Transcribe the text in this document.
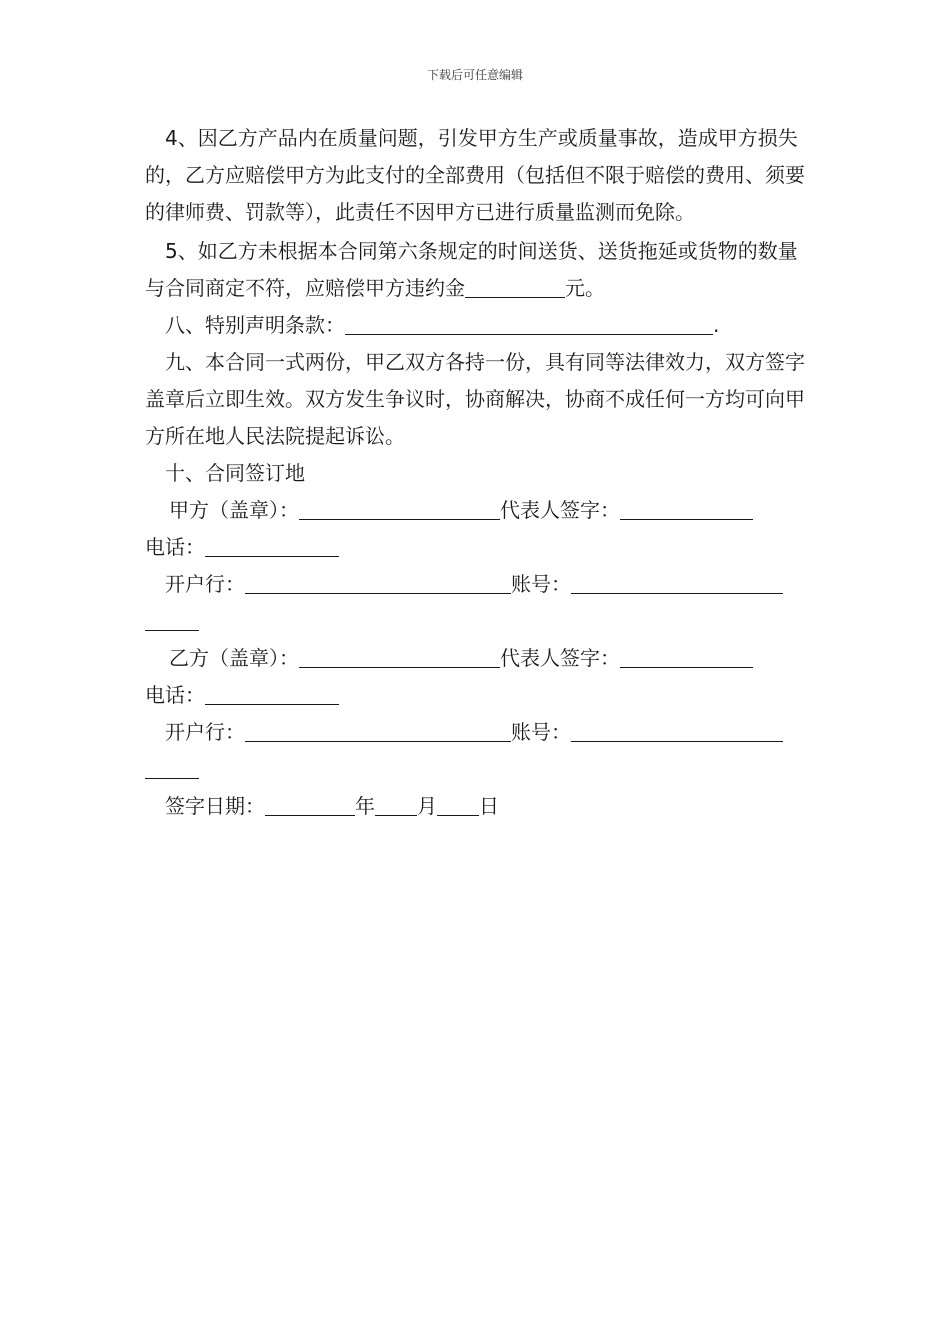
下载后可任意编辑

4、因乙方产品内在质量问题，引发甲方生产或质量事故，造成甲方损失的，乙方应赔偿甲方为此支付的全部费用（包括但不限于赔偿的费用、须要的律师费、罚款等），此责任不因甲方已进行质量监测而免除。

5、如乙方未根据本合同第六条规定的时间送货、送货拖延或货物的数量与合同商定不符，应赔偿甲方违约金	元。

八、特别声明条款：	.

九、本合同一式两份，甲乙双方各持一份，具有同等法律效力，双方签字盖章后立即生效。双方发生争议时，协商解决，协商不成任何一方均可向甲方所在地人民法院提起诉讼。

十、合同签订地

甲方（盖章）：	代表人签字：

电话：

开户行：	账号：

乙方（盖章）：	代表人签字：

电话：

开户行：	账号：

签字日期：	年 月 日
